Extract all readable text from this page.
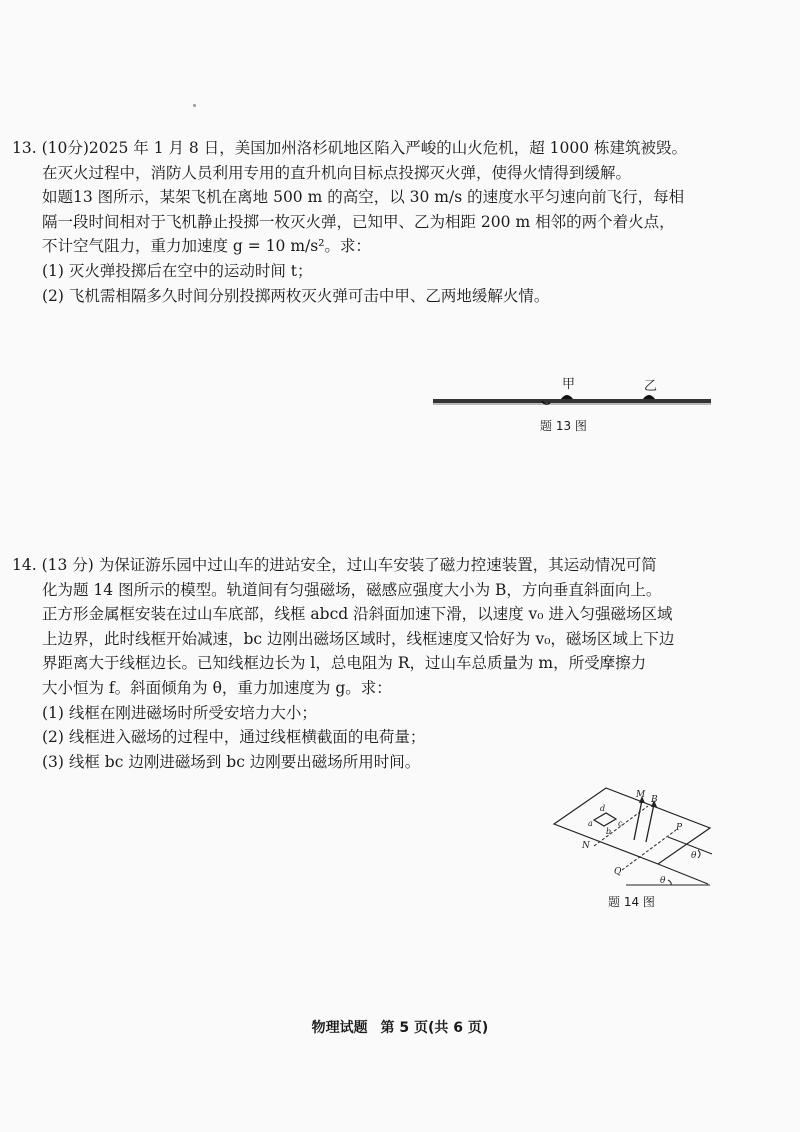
13. (10分)2025 年 1 月 8 日，美国加州洛杉矶地区陷入严峻的山火危机，超 1000 栋建筑被毁。

在灭火过程中，消防人员利用专用的直升机向目标点投掷灭火弹，使得火情得到缓解。

如题13 图所示，某架飞机在离地 500 m 的高空，以 30 m/s 的速度水平匀速向前飞行，每相

隔一段时间相对于飞机静止投掷一枚灭火弹，已知甲、乙为相距 200 m 相邻的两个着火点，

不计空气阻力，重力加速度 g = 10 m/s²。求：

(1) 灭火弹投掷后在空中的运动时间 t；

(2) 飞机需相隔多久时间分别投掷两枚灭火弹可击中甲、乙两地缓解火情。

甲	乙
题 13 图

14. (13 分) 为保证游乐园中过山车的进站安全，过山车安装了磁力控速装置，其运动情况可简

化为题 14 图所示的模型。轨道间有匀强磁场，磁感应强度大小为 B，方向垂直斜面向上。

正方形金属框安装在过山车底部，线框 abcd 沿斜面加速下滑，以速度 v₀ 进入匀强磁场区域

上边界，此时线框开始减速，bc 边刚出磁场区域时，线框速度又恰好为 v₀，磁场区域上下边

界距离大于线框边长。已知线框边长为 l，总电阻为 R，过山车总质量为 m，所受摩擦力

大小恒为 f。斜面倾角为 θ，重力加速度为 g。求：

(1) 线框在刚进磁场时所受安培力大小；

(2) 线框进入磁场的过程中，通过线框横截面的电荷量；

(3) 线框 bc 边刚进磁场到 bc 边刚要出磁场所用时间。

M B
P
N
Q
a
b
c
d
θ
θ
题 14 图
物理试题 第 5 页(共 6 页)
